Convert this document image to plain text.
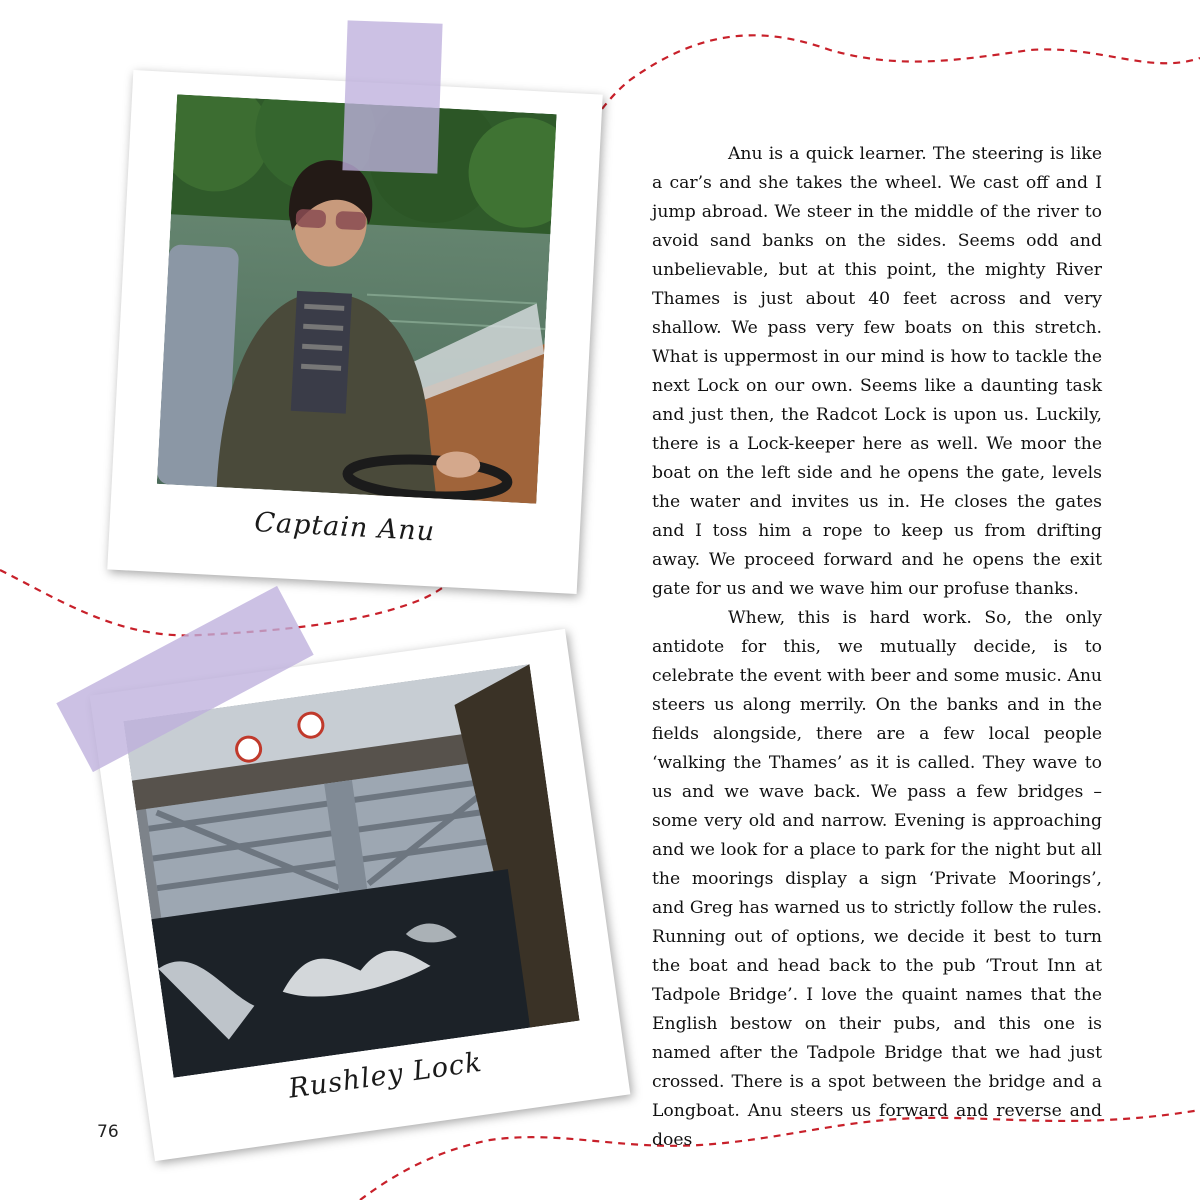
Captain Anu
Rushley Lock

Anu is a quick learner. The steering is like a car’s and she takes the wheel. We cast off and I jump abroad. We steer in the middle of the river to avoid sand banks on the sides. Seems odd and unbelievable, but at this point, the mighty River Thames is just about 40 feet across and very shallow. We pass very few boats on this stretch. What is uppermost in our mind is how to tackle the next Lock on our own. Seems like a daunting task and just then, the Radcot Lock is upon us. Luckily, there is a Lock-keeper here as well. We moor the boat on the left side and he opens the gate, levels the water and invites us in. He closes the gates and I toss him a rope to keep us from drifting away. We proceed forward and he opens the exit gate for us and we wave him our profuse thanks.

Whew, this is hard work. So, the only antidote for this, we mutually decide, is to celebrate the event with beer and some music. Anu steers us along merrily. On the banks and in the fields alongside, there are a few local people ‘walking the Thames’ as it is called. They wave to us and we wave back. We pass a few bridges – some very old and narrow. Evening is approaching and we look for a place to park for the night but all the moorings display a sign ‘Private Moorings’, and Greg has warned us to strictly follow the rules. Running out of options, we decide it best to turn the boat and head back to the pub ‘Trout Inn at Tadpole Bridge’. I love the quaint names that the English bestow on their pubs, and this one is named after the Tadpole Bridge that we had just crossed. There is a spot between the bridge and a Longboat. Anu steers us forward and reverse and does

76
